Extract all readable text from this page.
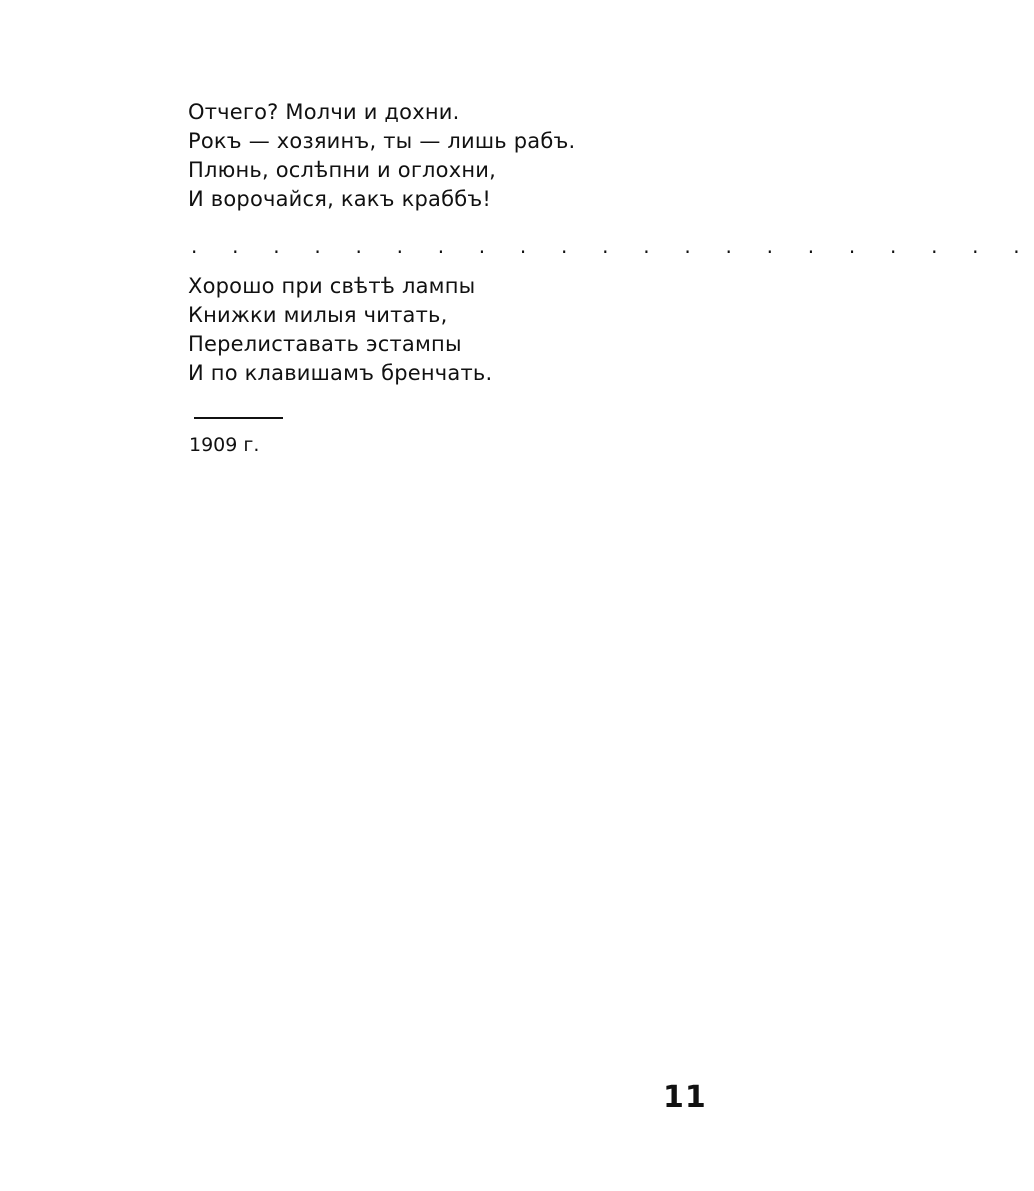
Отчего? Молчи и дохни.
Рокъ — хозяинъ, ты — лишь рабъ.
Плюнь, ослѣпни и оглохни,
И ворочайся, какъ краббъ!
. . . . . . . . . . . . . . . . . . . . .
Хорошо при свѣтѣ лампы
Книжки милыя читать,
Перелиставать эстампы
И по клавишамъ бренчать.
1909 г.
11
